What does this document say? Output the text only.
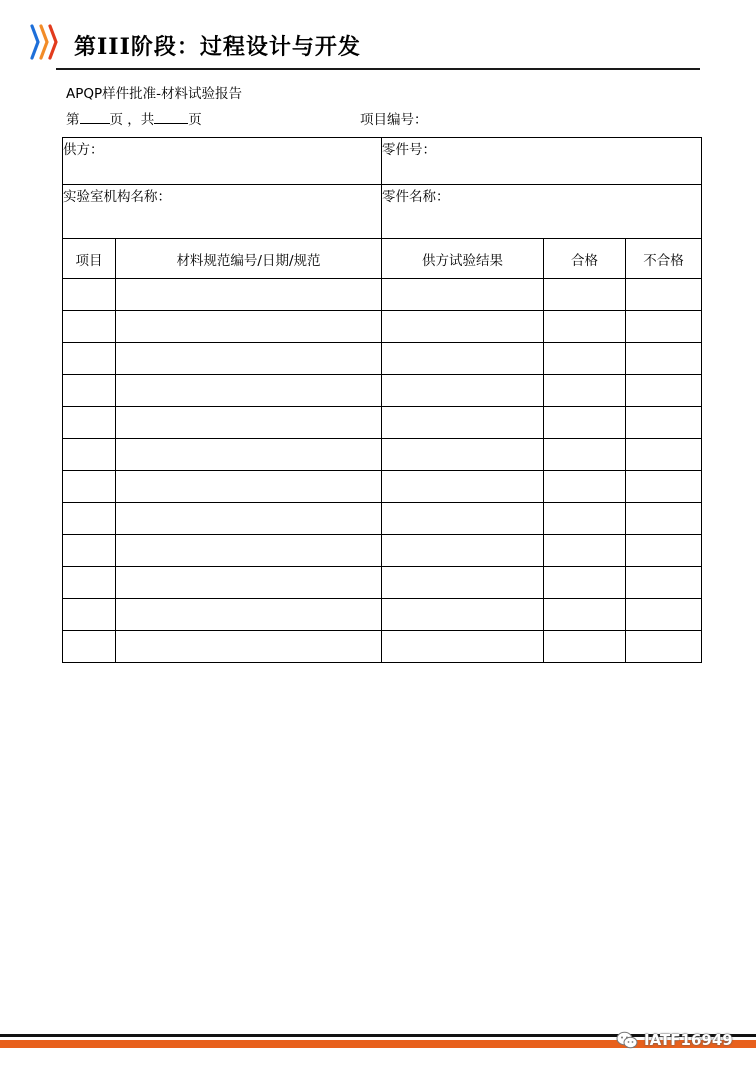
第III阶段：过程设计与开发
APQP样件批准-材料试验报告
第 页 ，共	页	项目编号：
供方：		零件号：		
实验室机构名称：		零件名称：		
项目	材料规范编号/日期/规范	供方试验结果	合格	不合格

IATF16949
